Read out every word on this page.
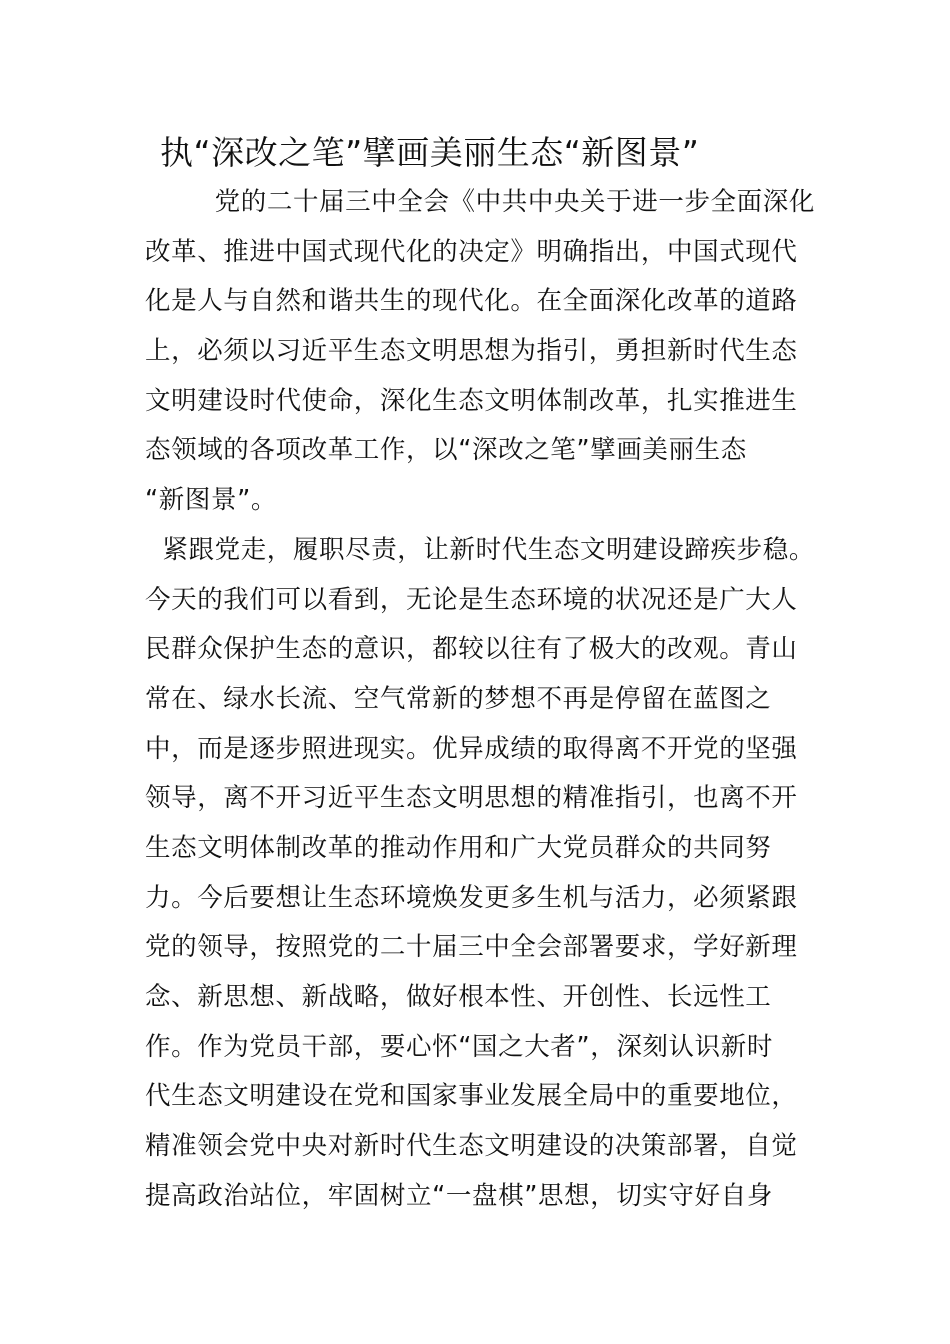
执“深改之笔”擘画美丽生态“新图景”
党的二十届三中全会《中共中央关于进一步全面深化
改革、推进中国式现代化的决定》明确指出，中国式现代
化是人与自然和谐共生的现代化。在全面深化改革的道路
上，必须以习近平生态文明思想为指引，勇担新时代生态
文明建设时代使命，深化生态文明体制改革，扎实推进生
态领域的各项改革工作，以“深改之笔”擘画美丽生态
“新图景”。
紧跟党走，履职尽责，让新时代生态文明建设蹄疾步稳。
今天的我们可以看到，无论是生态环境的状况还是广大人
民群众保护生态的意识，都较以往有了极大的改观。青山
常在、绿水长流、空气常新的梦想不再是停留在蓝图之
中，而是逐步照进现实。优异成绩的取得离不开党的坚强
领导，离不开习近平生态文明思想的精准指引，也离不开
生态文明体制改革的推动作用和广大党员群众的共同努
力。今后要想让生态环境焕发更多生机与活力，必须紧跟
党的领导，按照党的二十届三中全会部署要求，学好新理
念、新思想、新战略，做好根本性、开创性、长远性工
作。作为党员干部，要心怀“国之大者”，深刻认识新时
代生态文明建设在党和国家事业发展全局中的重要地位，
精准领会党中央对新时代生态文明建设的决策部署，自觉
提高政治站位，牢固树立“一盘棋”思想，切实守好自身
